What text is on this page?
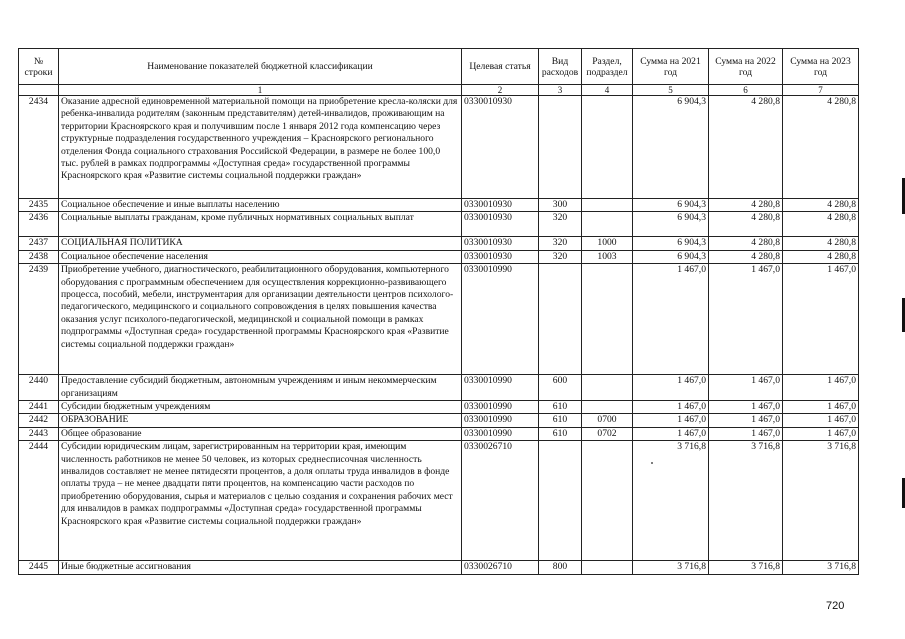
№ строки	Наименование показателей бюджетной классификации	Целевая статья	Вид расходов	Раздел, подраздел	Сумма на 2021 год	Сумма на 2022 год	Сумма на 2023 год
	1	2	3	4	5	6	7
2434	Оказание адресной единовременной материальной помощи на приобретение кресла-коляски для ребенка-инвалида родителям (законным представителям) детей-инвалидов, проживающим на территории Красноярского края и получившим после 1 января 2012 года компенсацию через структурные подразделения государственного учреждения – Красноярского регионального отделения Фонда социального страхования Российской Федерации, в размере не более 100,0 тыс. рублей в рамках подпрограммы «Доступная среда» государственной программы Красноярского края «Развитие системы социальной поддержки граждан»	0330010930			6 904,3	4 280,8	4 280,8
2435	Социальное обеспечение и иные выплаты населению	0330010930	300		6 904,3	4 280,8	4 280,8
2436	Социальные выплаты гражданам, кроме публичных нормативных социальных выплат	0330010930	320		6 904,3	4 280,8	4 280,8
2437	СОЦИАЛЬНАЯ ПОЛИТИКА	0330010930	320	1000	6 904,3	4 280,8	4 280,8
2438	Социальное обеспечение населения	0330010930	320	1003	6 904,3	4 280,8	4 280,8
2439	Приобретение учебного, диагностического, реабилитационного оборудования, компьютерного оборудования с программным обеспечением для осуществления коррекционно-развивающего процесса, пособий, мебели, инструментария для организации деятельности центров психолого-педагогического, медицинского и социального сопровождения в целях повышения качества оказания услуг психолого-педагогической, медицинской и социальной помощи в рамках подпрограммы «Доступная среда» государственной программы Красноярского края «Развитие системы социальной поддержки граждан»	0330010990			1 467,0	1 467,0	1 467,0
2440	Предоставление субсидий бюджетным, автономным учреждениям и иным некоммерческим организациям	0330010990	600		1 467,0	1 467,0	1 467,0
2441	Субсидии бюджетным учреждениям	0330010990	610		1 467,0	1 467,0	1 467,0
2442	ОБРАЗОВАНИЕ	0330010990	610	0700	1 467,0	1 467,0	1 467,0
2443	Общее образование	0330010990	610	0702	1 467,0	1 467,0	1 467,0
2444	Субсидии юридическим лицам, зарегистрированным на территории края, имеющим численность работников не менее 50 человек, из которых среднесписочная численность инвалидов составляет не менее пятидесяти процентов, а доля оплаты труда инвалидов в фонде оплаты труда – не менее двадцати пяти процентов, на компенсацию части расходов по приобретению оборудования, сырья и материалов с целью создания и сохранения рабочих мест для инвалидов в рамках подпрограммы «Доступная среда» государственной программы Красноярского края «Развитие системы социальной поддержки граждан»	0330026710			3 716,8	3 716,8	3 716,8
2445	Иные бюджетные ассигнования	0330026710	800		3 716,8	3 716,8	3 716,8
720
